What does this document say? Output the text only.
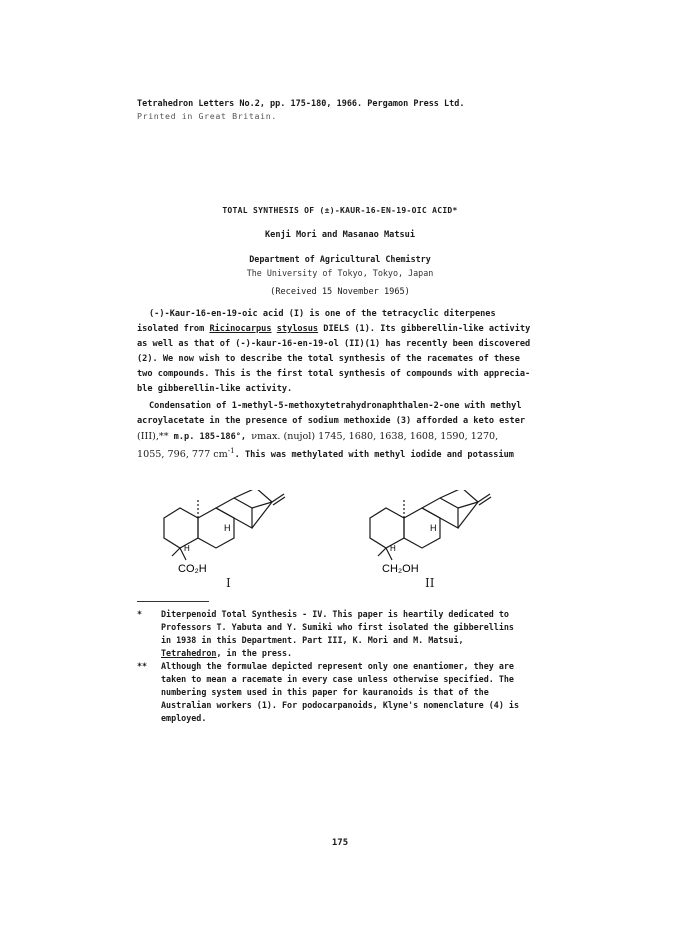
Tetrahedron Letters No.2, pp. 175-180, 1966. Pergamon Press Ltd.
Printed in Great Britain.
TOTAL SYNTHESIS OF (±)-KAUR-16-EN-19-OIC ACID*
Kenji Mori and Masanao Matsui
Department of Agricultural Chemistry
The University of Tokyo, Tokyo, Japan
(Received 15 November 1965)
(-)-Kaur-16-en-19-oic acid (I) is one of the tetracyclic diterpenes
isolated from Ricinocarpus stylosus DIELS (1). Its gibberellin-like activity
as well as that of (-)-kaur-16-en-19-ol (II)(1) has recently been discovered
(2). We now wish to describe the total synthesis of the racemates of these
two compounds. This is the first total synthesis of compounds with apprecia-
ble gibberellin-like activity.
Condensation of 1-methyl-5-methoxytetrahydronaphthalen-2-one with methyl
acroylacetate in the presence of sodium methoxide (3) afforded a keto ester
(III),** m.p. 185-186°, νmax. (nujol) 1745, 1680, 1638, 1608, 1590, 1270,
1055, 796, 777 $cm^{-1}$. This was methylated with methyl iodide and potassium
H
H
CO₂H
H
H
CH₂OH
I	II
* Diterpenoid Total Synthesis - IV. This paper is heartily dedicated to
Professors T. Yabuta and Y. Sumiki who first isolated the gibberellins
in 1938 in this Department. Part III, K. Mori and M. Matsui,
Tetrahedron, in the press.
** Although the formulae depicted represent only one enantiomer, they are
taken to mean a racemate in every case unless otherwise specified. The
numbering system used in this paper for kauranoids is that of the
Australian workers (1). For podocarpanoids, Klyne's nomenclature (4) is
employed.
175
